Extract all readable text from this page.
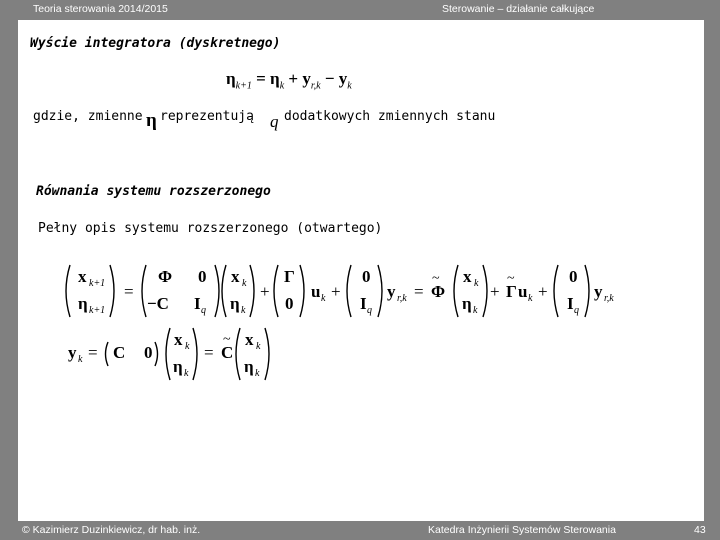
Teoria sterowania 2014/2015	Sterowanie – działanie całkujące
Wyście integratora (dyskretnego)
$\eta_{k+1} = \eta_k + y_{r,k} - y_k$
gdzie, zmienne η reprezentują q dodatkowych zmiennych stanu
Równania systemu rozszerzonego
Pełny opis systemu rozszerzonego (otwartego)
x k+1
η k+1
=
Φ 0
−C I q
x k
η k
+
Γ
0
u k +
0
I q
y r,k = Φ
~ x k
η k
+ Γ
~
u k +
0
I q
y r,k
y k = C 0
x k
η k
= C
~ x k
η k
© Kazimierz Duzinkiewicz, dr hab. inż.	Katedra Inżynierii Systemów Sterowania	43
